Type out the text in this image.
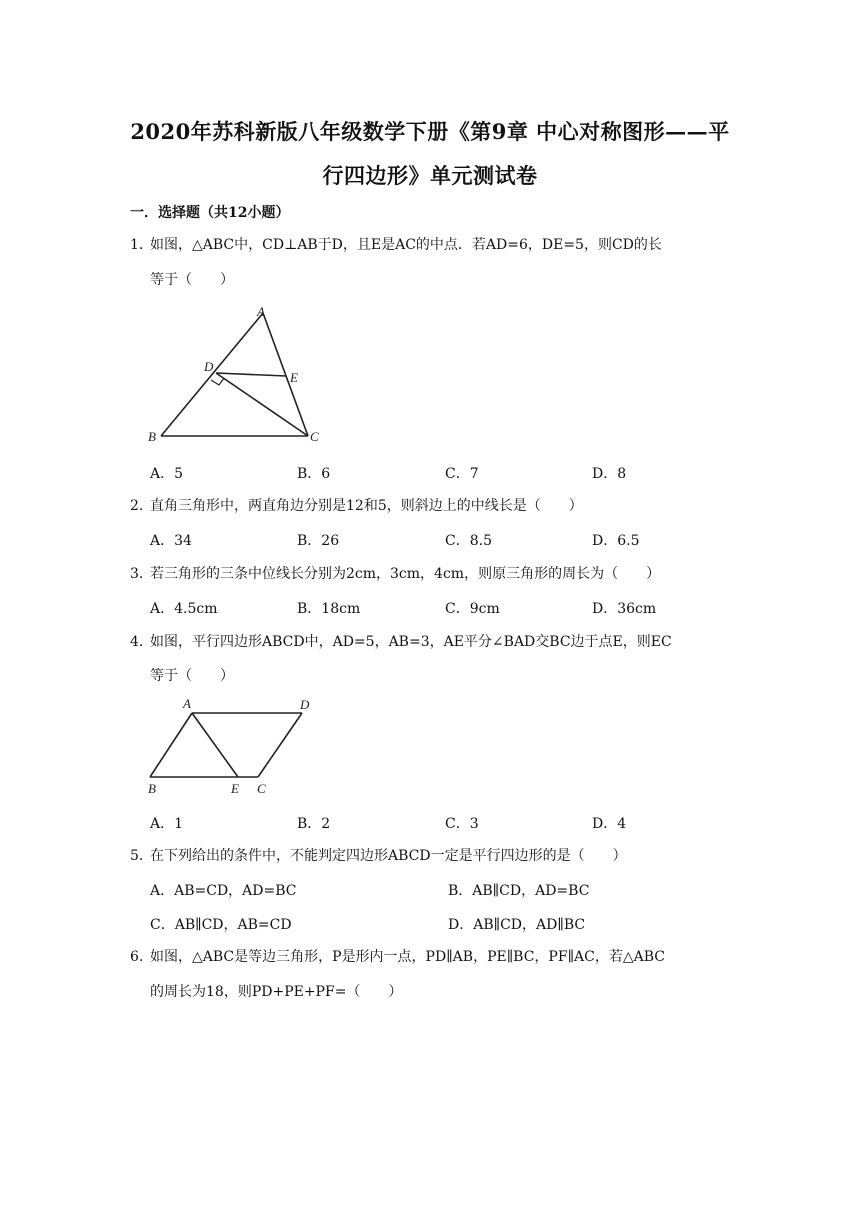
2020年苏科新版八年级数学下册《第9章 中心对称图形——平
行四边形》单元测试卷
一．选择题（共12小题）
1．如图，△ABC中，CD⊥AB于D，且E是AC的中点．若AD=6，DE=5，则CD的长
等于（　　）
A
D
E
B	C
A．5	B．6	C．7	D．8
2．直角三角形中，两直角边分别是12和5，则斜边上的中线长是（　　）
A．34	B．26	C．8.5	D．6.5
3．若三角形的三条中位线长分别为2cm，3cm，4cm，则原三角形的周长为（　　）
A．4.5cm	B．18cm	C．9cm	D．36cm
4．如图，平行四边形ABCD中，AD=5，AB=3，AE平分∠BAD交BC边于点E，则EC
等于（　　）
A	D
B	E C
A．1	B．2	C．3	D．4
5．在下列给出的条件中，不能判定四边形ABCD一定是平行四边形的是（　　）
A．AB=CD，AD=BC	B．AB∥CD，AD=BC
C．AB∥CD，AB=CD	D．AB∥CD，AD∥BC
6．如图，△ABC是等边三角形，P是形内一点，PD∥AB，PE∥BC，PF∥AC，若△ABC
的周长为18，则PD+PE+PF=（　　）
